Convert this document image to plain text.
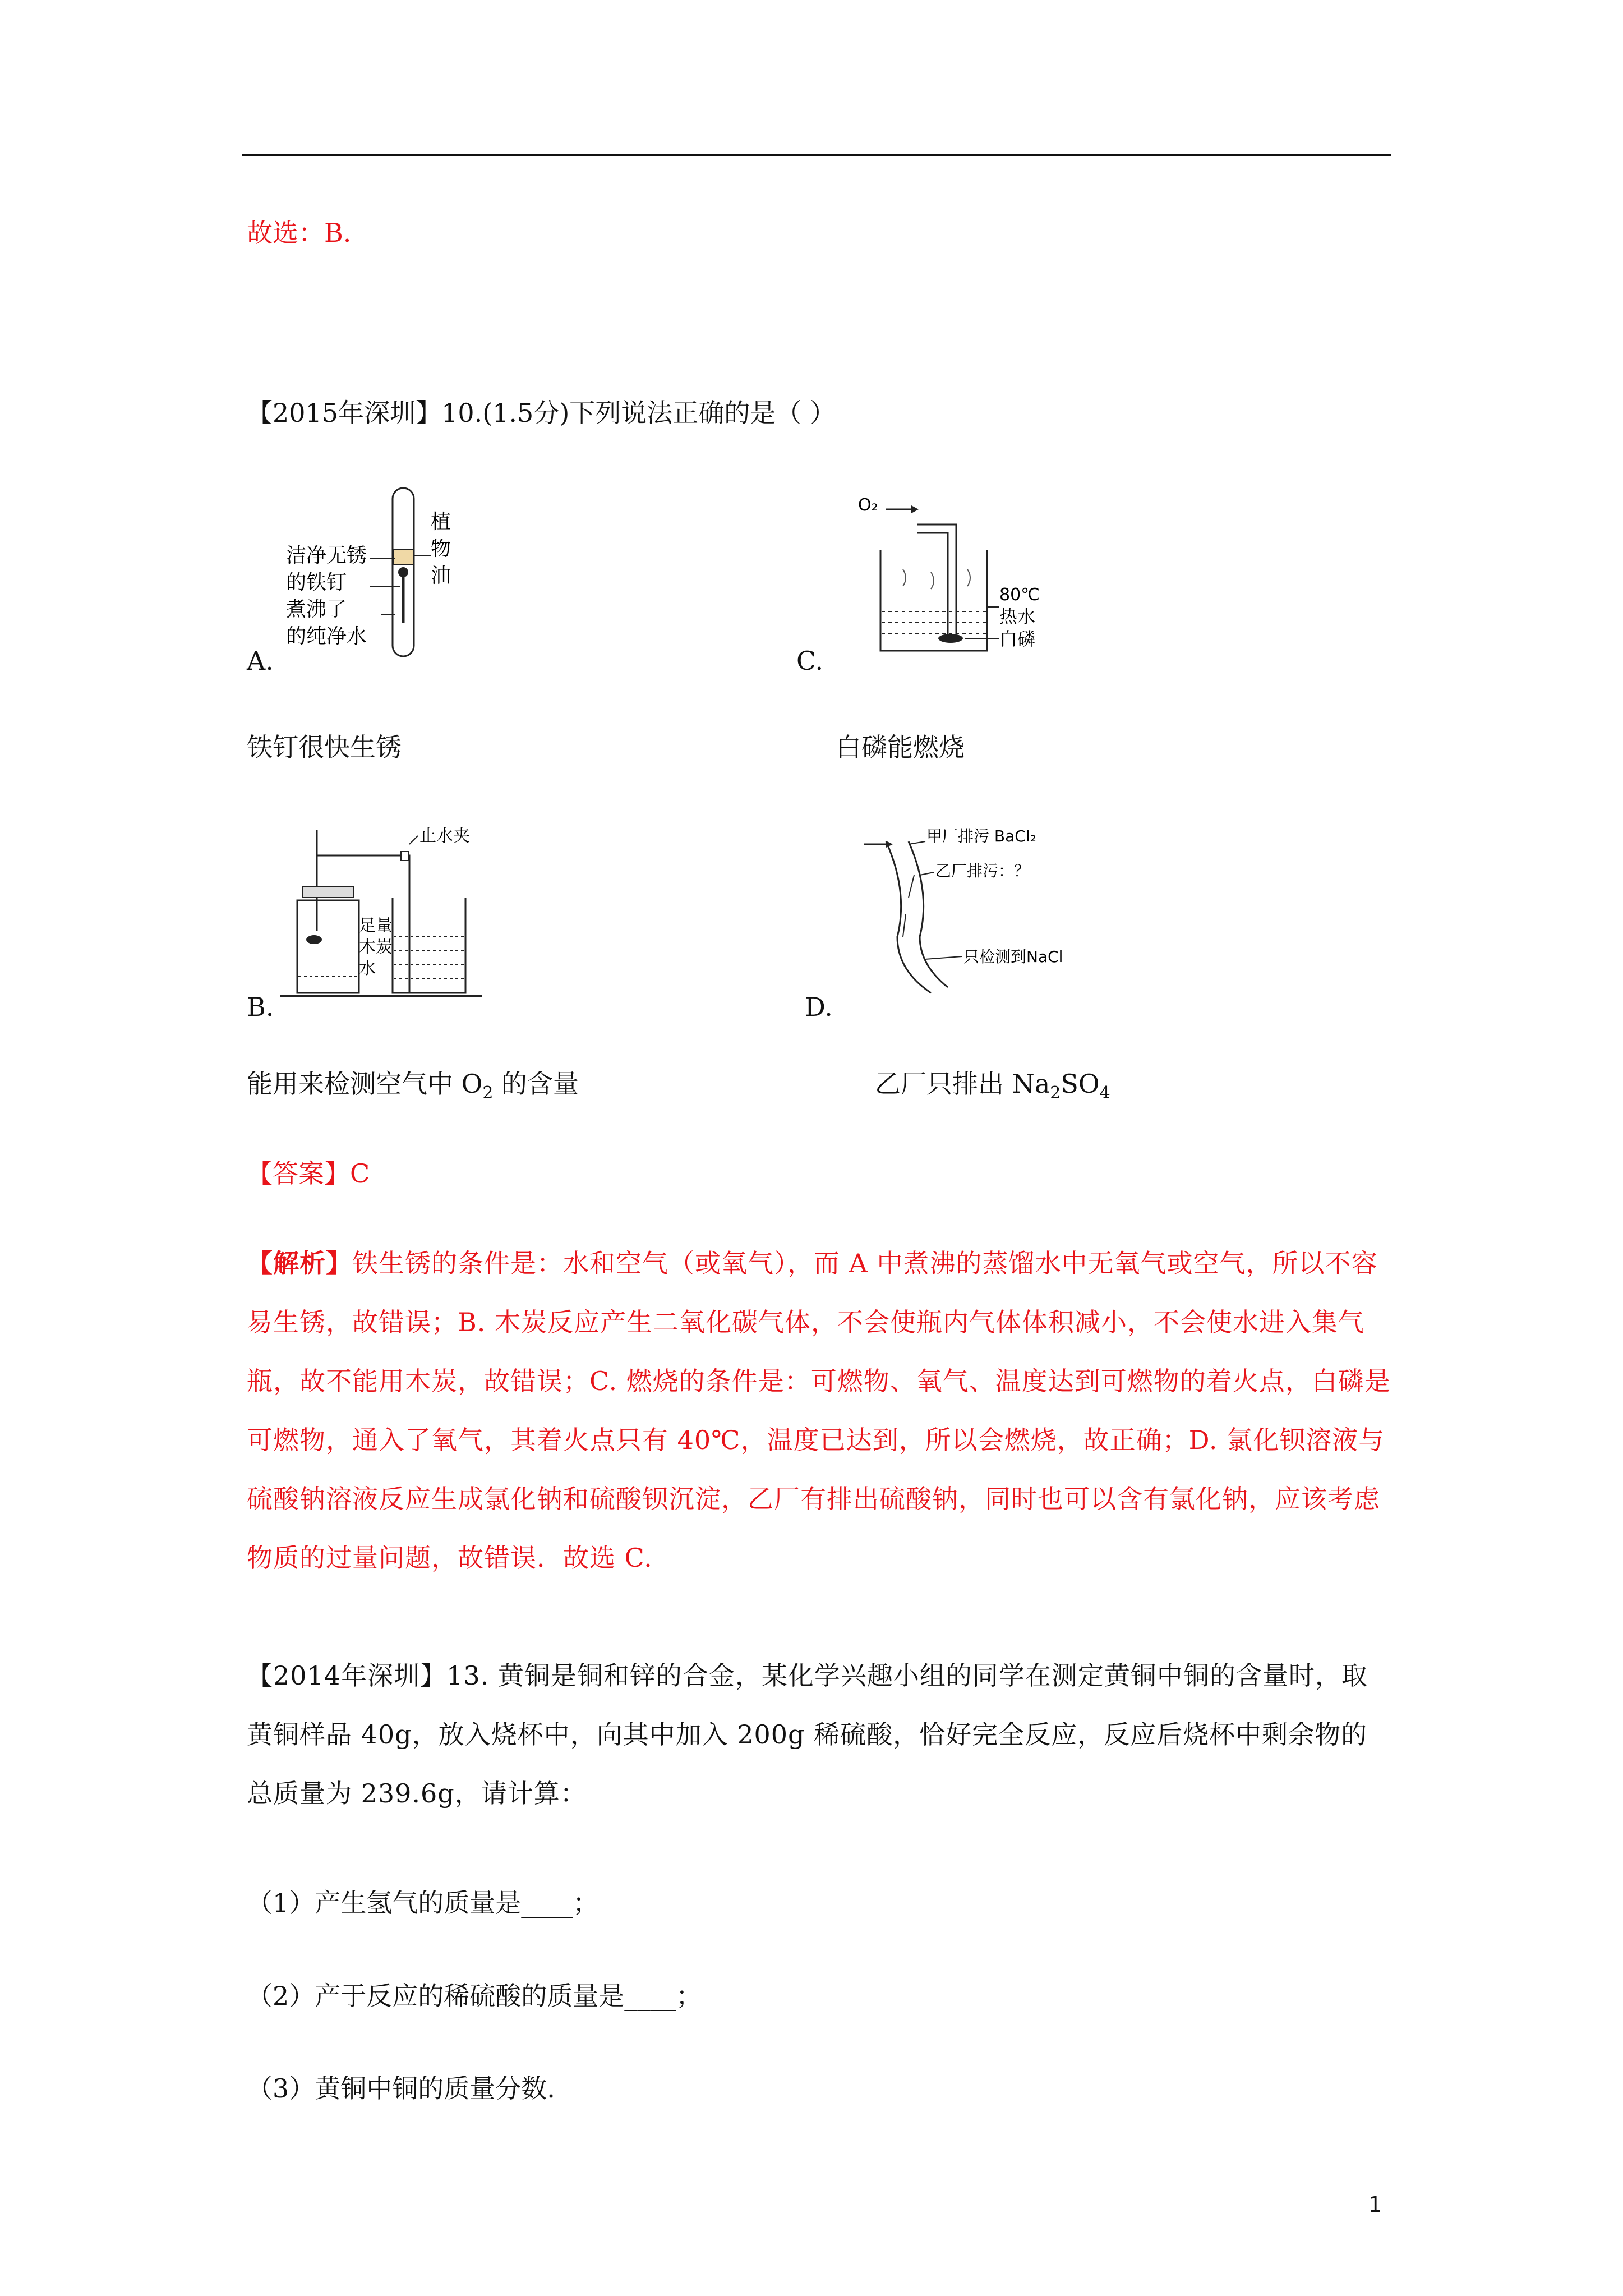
故选：B.
【2015年深圳】10.(1.5分)下列说法正确的是（ ）
洁净无锈
的铁钉
煮沸了
的纯净水
植
物
油
A.
O₂
80℃
热水
白磷
C.
铁钉很快生锈	白磷能燃烧
止水夹
足量
木炭
水
B.
甲厂排污 BaCl₂
乙厂排污：？
只检测到NaCl
D.
能用来检测空气中 $O_2$ 的含量	乙厂只排出 $Na_2SO_4$
【答案】C
【解析】铁生锈的条件是：水和空气（或氧气），而 A 中煮沸的蒸馏水中无氧气或空气，所以不容易生锈，故错误；B. 木炭反应产生二氧化碳气体，不会使瓶内气体体积减小，不会使水进入集气瓶，故不能用木炭，故错误；C. 燃烧的条件是：可燃物、氧气、温度达到可燃物的着火点，白磷是可燃物，通入了氧气，其着火点只有 40℃，温度已达到，所以会燃烧，故正确；D. 氯化钡溶液与硫酸钠溶液反应生成氯化钠和硫酸钡沉淀，乙厂有排出硫酸钠，同时也可以含有氯化钠，应该考虑物质的过量问题，故错误．故选 C.
【2014年深圳】13. 黄铜是铜和锌的合金，某化学兴趣小组的同学在测定黄铜中铜的含量时，取黄铜样品 40g，放入烧杯中，向其中加入 200g 稀硫酸，恰好完全反应，反应后烧杯中剩余物的总质量为 239.6g，请计算：
（1）产生氢气的质量是____；
（2）产于反应的稀硫酸的质量是____；
（3）黄铜中铜的质量分数.
1
